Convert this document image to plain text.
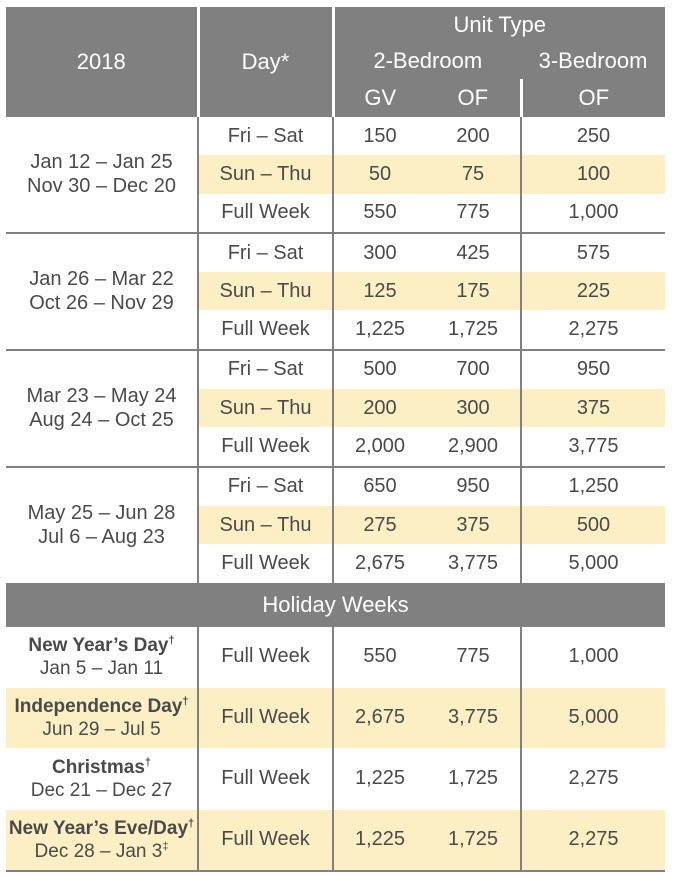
2018	Day*	Unit Type		
		2-Bedroom		3-Bedroom
		GV	OF	OF

Jan 12 – Jan 25
Nov 30 – Dec 20	Fri – Sat	150	200	250
	Sun – Thu	50	75	100
	Full Week	550	775	1,000

Jan 26 – Mar 22
Oct 26 – Nov 29	Fri – Sat	300	425	575
	Sun – Thu	125	175	225
	Full Week	1,225	1,725	2,275

Mar 23 – May 24
Aug 24 – Oct 25	Fri – Sat	500	700	950
	Sun – Thu	200	300	375
	Full Week	2,000	2,900	3,775

May 25 – Jun 28
Jul 6 – Aug 23	Fri – Sat	650	950	1,250
	Sun – Thu	275	375	500
	Full Week	2,675	3,775	5,000
Holiday Weeks				

New Year’s Day†
Jan 5 – Jan 11	Full Week	550	775	1,000

Independence Day†
Jun 29 – Jul 5	Full Week	2,675	3,775	5,000

Christmas†
Dec 21 – Dec 27	Full Week	1,225	1,725	2,275

New Year’s Eve/Day†
Dec 28 – Jan 3‡	Full Week	1,225	1,725	2,275
